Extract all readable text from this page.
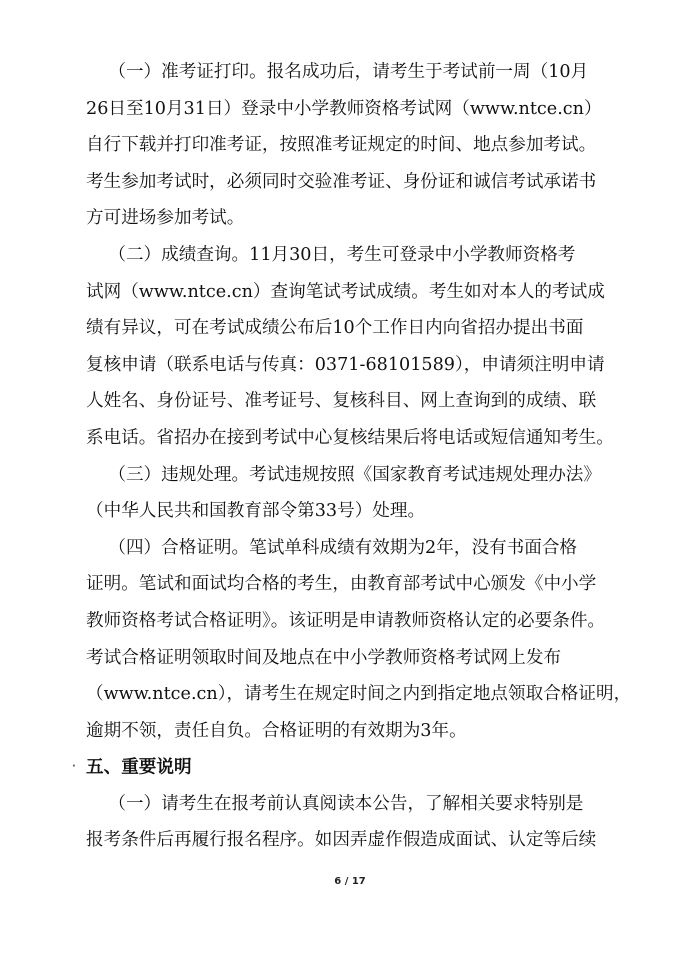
（一）准考证打印。报名成功后，请考生于考试前一周（10月
26日至10月31日）登录中小学教师资格考试网（www.ntce.cn）
自行下载并打印准考证，按照准考证规定的时间、地点参加考试。
考生参加考试时，必须同时交验准考证、身份证和诚信考试承诺书
方可进场参加考试。
（二）成绩查询。11月30日，考生可登录中小学教师资格考
试网（www.ntce.cn）查询笔试考试成绩。考生如对本人的考试成
绩有异议，可在考试成绩公布后10个工作日内向省招办提出书面
复核申请（联系电话与传真：0371-68101589），申请须注明申请
人姓名、身份证号、准考证号、复核科目、网上查询到的成绩、联
系电话。省招办在接到考试中心复核结果后将电话或短信通知考生。
（三）违规处理。考试违规按照《国家教育考试违规处理办法》
（中华人民共和国教育部令第33号）处理。
（四）合格证明。笔试单科成绩有效期为2年，没有书面合格
证明。笔试和面试均合格的考生，由教育部考试中心颁发《中小学
教师资格考试合格证明》。该证明是申请教师资格认定的必要条件。
考试合格证明领取时间及地点在中小学教师资格考试网上发布
（www.ntce.cn），请考生在规定时间之内到指定地点领取合格证明，
逾期不领，责任自负。合格证明的有效期为3年。
· 五、重要说明
（一）请考生在报考前认真阅读本公告，了解相关要求特别是
报考条件后再履行报名程序。如因弄虚作假造成面试、认定等后续
6 / 17
